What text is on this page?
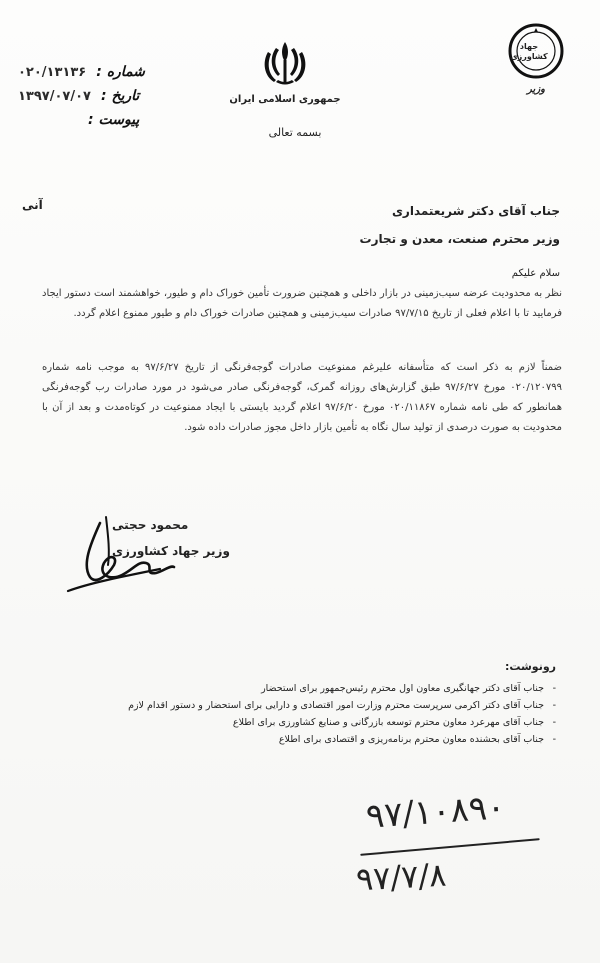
۰۲۰/۱۳۱۳۶ شماره :
۱۳۹۷/۰۷/۰۷ تاریخ :
پیوست :
جمهوری اسلامی ایران
جهاد کشاورزی
وزیر
بسمه تعالی
آنی	جناب آقای دکتر شریعتمداری
وزیر محترم صنعت، معدن و تجارت
سلام علیکم
نظر به محدودیت عرضه سیب‌زمینی در بازار داخلی و همچنین ضرورت تأمین خوراک دام و طیور، خواهشمند است دستور ایجاد فرمایید تا با اعلام فعلی از تاریخ ۹۷/۷/۱۵ صادرات سیب‌زمینی و همچنین صادرات خوراک دام و طیور ممنوع اعلام گردد.
ضمناً لازم به ذکر است که متأسفانه علیرغم ممنوعیت صادرات گوجه‌فرنگی از تاریخ ۹۷/۶/۲۷ به موجب نامه شماره ۰۲۰/۱۲۰۷۹۹ مورخ ۹۷/۶/۲۷ طبق گزارش‌های روزانه گمرک، گوجه‌فرنگی صادر می‌شود در مورد صادرات رب گوجه‌فرنگی همانطور که طی نامه شماره ۰۲۰/۱۱۸۶۷ مورخ ۹۷/۶/۲۰ اعلام گردید بایستی با ایجاد ممنوعیت در کوتاه‌مدت و بعد از آن با محدودیت به صورت درصدی از تولید سال نگاه به تأمین بازار داخل مجوز صادرات داده شود.
محمود حجتی
وزیر جهاد کشاورزی
رونوشت:
- جناب آقای دکتر جهانگیری معاون اول محترم رئیس‌جمهور برای استحضار
- جناب آقای دکتر اکرمی سرپرست محترم وزارت امور اقتصادی و دارایی برای استحضار و دستور اقدام لازم
- جناب آقای مهرعرد معاون محترم توسعه بازرگانی و صنایع کشاورزی برای اطلاع
- جناب آقای بحشنده معاون محترم برنامه‌ریزی و اقتصادی برای اطلاع
۹۷/۱۰۸۹۰
۹۷/۷/۸
